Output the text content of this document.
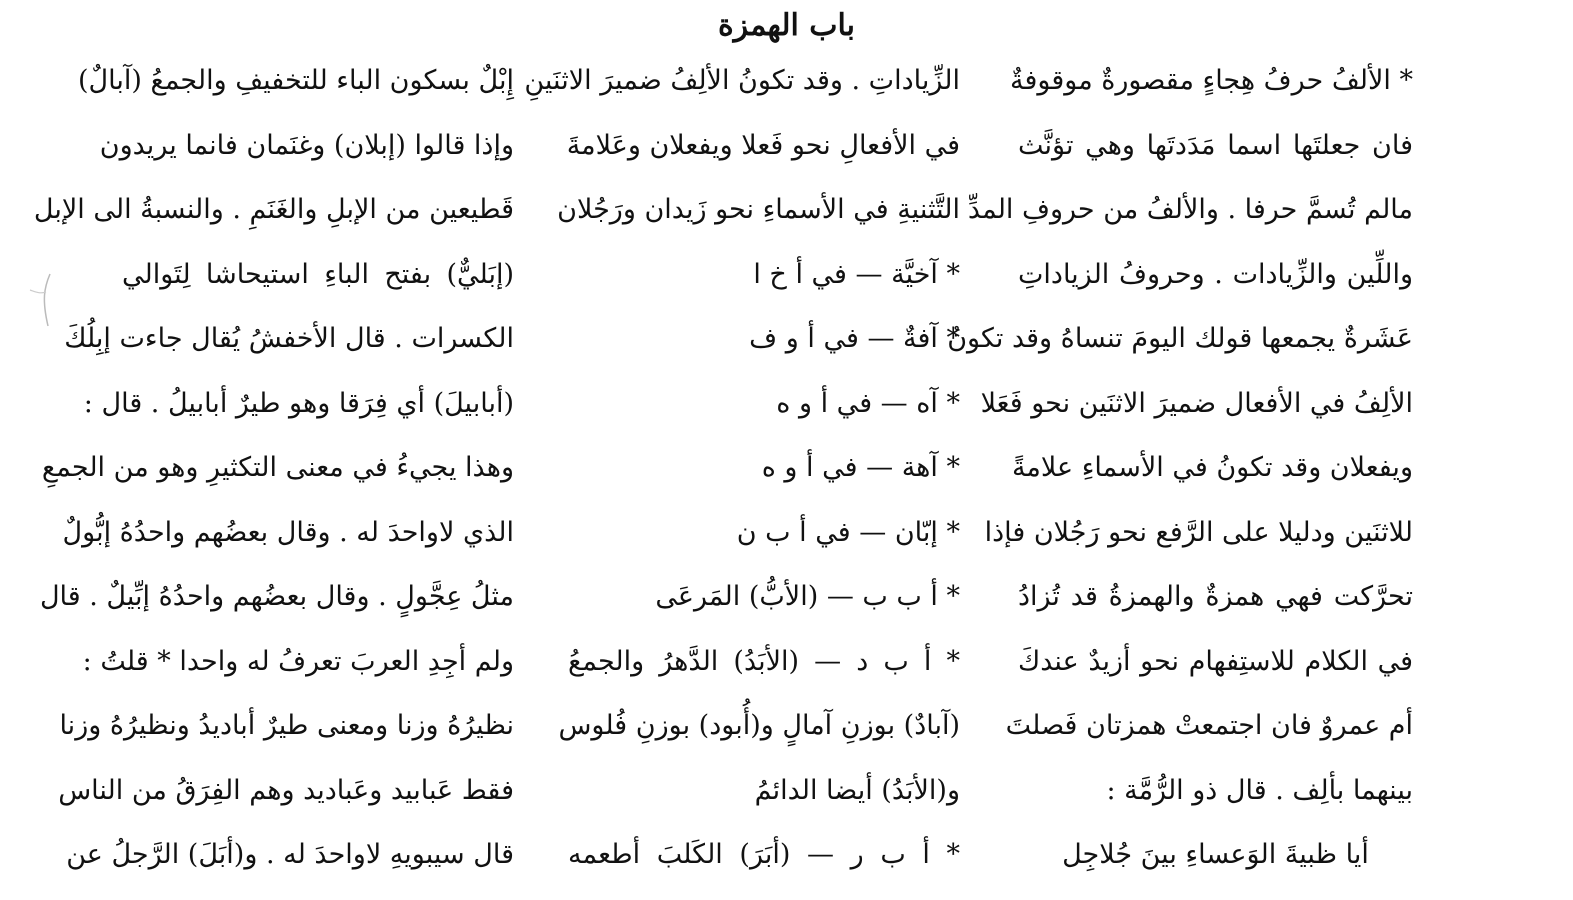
باب الهمزة
* الألفُ حرفُ هِجاءٍ مقصورةٌ موقوفةٌ
فان جعلتَها اسما مَدَدتَها وهي تؤنَّث
مالم تُسمَّ حرفا . والألفُ من حروفِ المدِّ
واللِّين والزِّيادات . وحروفُ الزياداتِ
عَشَرةٌ يجمعها قولك اليومَ تنساهُ وقد تكونُ
الألِفُ في الأفعال ضميرَ الاثنَين نحو فَعَلا
ويفعلان وقد تكونُ في الأسماءِ علامةً
للاثنَين ودليلا على الرَّفع نحو رَجُلان فإذا
تحرَّكت فهي همزةٌ والهمزةُ قد تُزادُ
في الكلام للاستِفهام نحو أزيدٌ عندكَ
أم عمروٌ فان اجتمعتْ همزتان فَصلتَ
بينهما بألِف . قال ذو الرُّمَّة :
أيا ظبيةَ الوَعساءِ بينَ جُلاجِل
الزِّياداتِ . وقد تكونُ الألِفُ ضميرَ الاثنَينِ
في الأفعالِ نحو فَعلا ويفعلان وعَلامةَ
التَّثنيةِ في الأسماءِ نحو زَيدان ورَجُلان
* آخيَّة — في أ خ ا
* آفةٌ — في أ و ف
* آه — في أ و ه
* آهة — في أ و ه
* إبّان — في أ ب ن
* أ ب ب — (الأبُّ) المَرعَى
* أ ب د — (الأبَدُ) الدَّهرُ والجمعُ
(آبادٌ) بوزنِ آمالٍ و(أُبود) بوزنِ فُلوس
و(الأبَدُ) أيضا الدائمُ
* أ ب ر — (أبَرَ) الكَلبَ أطعمه
إِبْلٌ بسكون الباء للتخفيفِ والجمعُ (آبالٌ)
وإذا قالوا (إبلان) وغنَمان فانما يريدون
قَطيعين من الإبلِ والغَنَمِ . والنسبةُ الى الإبل
(إبَليٌّ) بفتح الباءِ استيحاشا لِتَوالي
الكسرات . قال الأخفشُ يُقال جاءت إبِلُكَ
(أبابيلَ) أي فِرَقا وهو طيرٌ أبابيلُ . قال :
وهذا يجيءُ في معنى التكثيرِ وهو من الجمعِ
الذي لاواحدَ له . وقال بعضُهم واحدُهُ إبُّولٌ
مثلُ عِجَّولٍ . وقال بعضُهم واحدُهُ إبِّيلٌ . قال
ولم أجِدِ العربَ تعرفُ له واحدا * قلتُ :
نظيرُهُ وزنا ومعنى طيرٌ أباديدُ ونظيرُهُ وزنا
فقط عَبابيد وعَباديد وهم الفِرَقُ من الناس
قال سيبويهِ لاواحدَ له . و(أبَلَ) الرَّجلُ عن
